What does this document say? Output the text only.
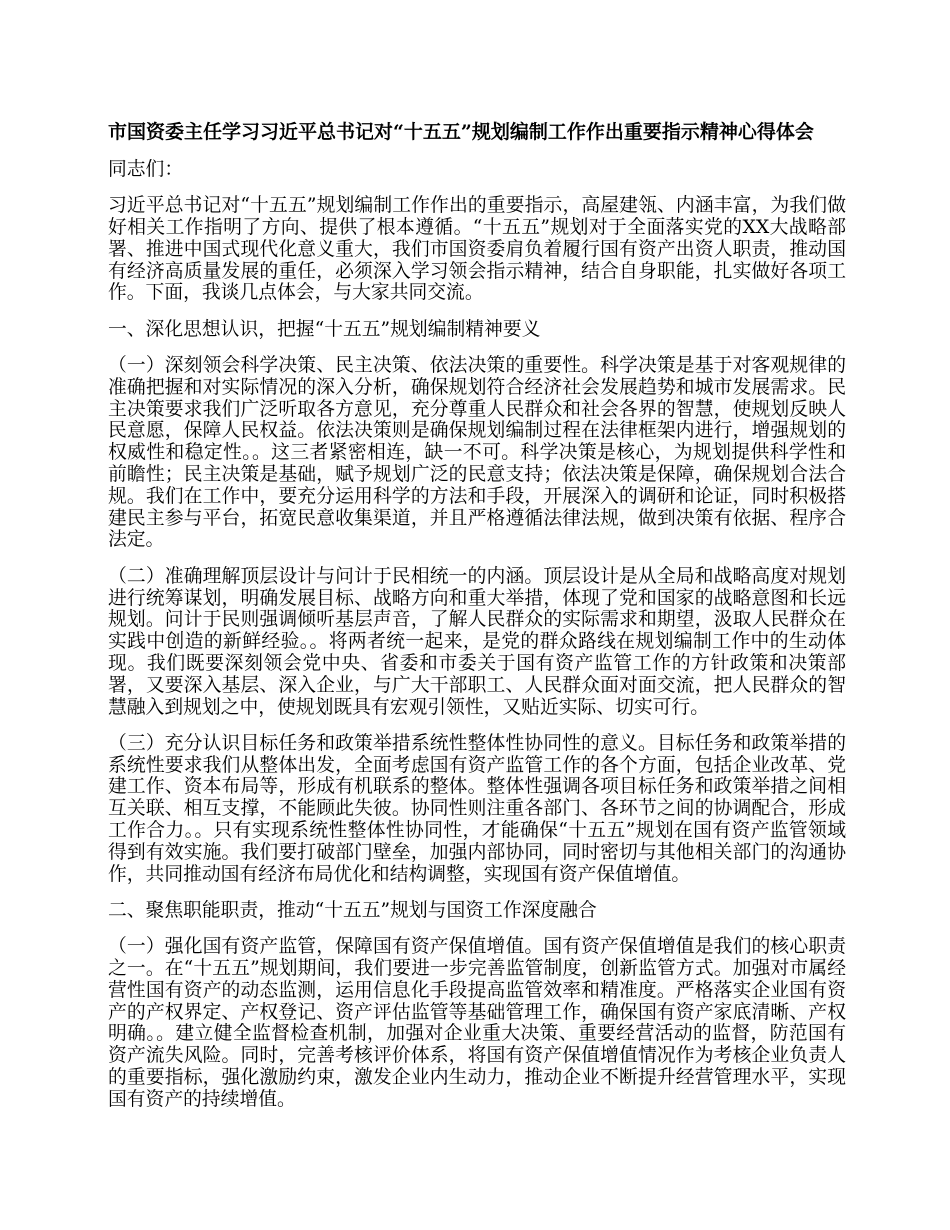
市国资委主任学习习近平总书记对“十五五”规划编制工作作出重要指示精神心得体会

同志们：

习近平总书记对“十五五”规划编制工作作出的重要指示，高屋建瓴、内涵丰富，为我们做好相关工作指明了方向、提供了根本遵循。“十五五”规划对于全面落实党的XX大战略部署、推进中国式现代化意义重大，我们市国资委肩负着履行国有资产出资人职责，推动国有经济高质量发展的重任，必须深入学习领会指示精神，结合自身职能，扎实做好各项工作。下面，我谈几点体会，与大家共同交流。

一、深化思想认识，把握“十五五”规划编制精神要义

（一）深刻领会科学决策、民主决策、依法决策的重要性。科学决策是基于对客观规律的准确把握和对实际情况的深入分析，确保规划符合经济社会发展趋势和城市发展需求。民主决策要求我们广泛听取各方意见，充分尊重人民群众和社会各界的智慧，使规划反映人民意愿，保障人民权益。依法决策则是确保规划编制过程在法律框架内进行，增强规划的权威性和稳定性。。这三者紧密相连，缺一不可。科学决策是核心，为规划提供科学性和前瞻性；民主决策是基础，赋予规划广泛的民意支持；依法决策是保障，确保规划合法合规。我们在工作中，要充分运用科学的方法和手段，开展深入的调研和论证，同时积极搭建民主参与平台，拓宽民意收集渠道，并且严格遵循法律法规，做到决策有依据、程序合法定。

（二）准确理解顶层设计与问计于民相统一的内涵。顶层设计是从全局和战略高度对规划进行统筹谋划，明确发展目标、战略方向和重大举措，体现了党和国家的战略意图和长远规划。问计于民则强调倾听基层声音，了解人民群众的实际需求和期望，汲取人民群众在实践中创造的新鲜经验。。将两者统一起来，是党的群众路线在规划编制工作中的生动体现。我们既要深刻领会党中央、省委和市委关于国有资产监管工作的方针政策和决策部署，又要深入基层、深入企业，与广大干部职工、人民群众面对面交流，把人民群众的智慧融入到规划之中，使规划既具有宏观引领性，又贴近实际、切实可行。

（三）充分认识目标任务和政策举措系统性整体性协同性的意义。目标任务和政策举措的系统性要求我们从整体出发，全面考虑国有资产监管工作的各个方面，包括企业改革、党建工作、资本布局等，形成有机联系的整体。整体性强调各项目标任务和政策举措之间相互关联、相互支撑，不能顾此失彼。协同性则注重各部门、各环节之间的协调配合，形成工作合力。。只有实现系统性整体性协同性，才能确保“十五五”规划在国有资产监管领域得到有效实施。我们要打破部门壁垒，加强内部协同，同时密切与其他相关部门的沟通协作，共同推动国有经济布局优化和结构调整，实现国有资产保值增值。

二、聚焦职能职责，推动“十五五”规划与国资工作深度融合

（一）强化国有资产监管，保障国有资产保值增值。国有资产保值增值是我们的核心职责之一。在“十五五”规划期间，我们要进一步完善监管制度，创新监管方式。加强对市属经营性国有资产的动态监测，运用信息化手段提高监管效率和精准度。严格落实企业国有资产的产权界定、产权登记、资产评估监管等基础管理工作，确保国有资产家底清晰、产权明确。。建立健全监督检查机制，加强对企业重大决策、重要经营活动的监督，防范国有资产流失风险。同时，完善考核评价体系，将国有资产保值增值情况作为考核企业负责人的重要指标，强化激励约束，激发企业内生动力，推动企业不断提升经营管理水平，实现国有资产的持续增值。
